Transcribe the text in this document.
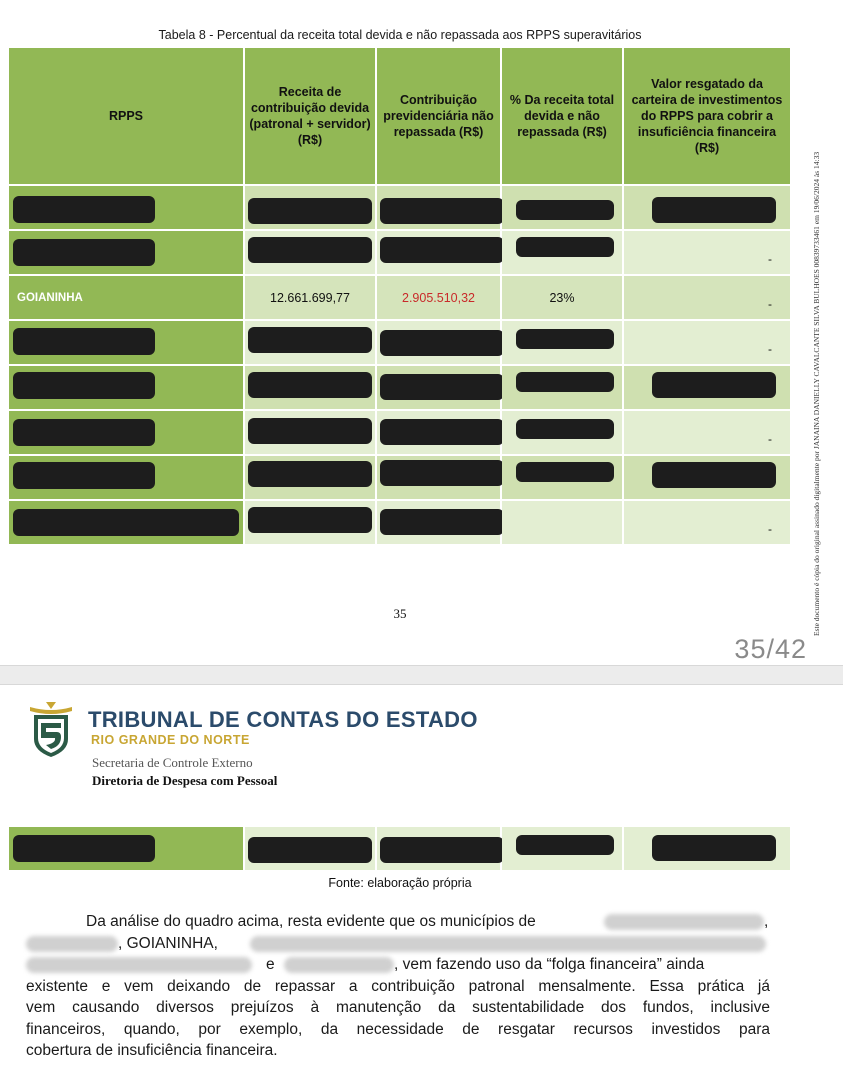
Tabela 8 - Percentual da receita total devida e não repassada aos RPPS superavitários
RPPS	Receita de contribuição devida (patronal + servidor) (R$)	Contribuição previdenciária não repassada (R$)	% Da receita total devida e não repassada (R$)	Valor resgatado da carteira de investimentos do RPPS para cobrir a insuficiência financeira (R$)

				-

GOIANINHA	12.661.699,77	2.905.510,32	23%	-

				-

				-

				-
35
35/42
Este documento é cópia do original assinado digitalmente por JANAINA DANIELLY CAVALCANTE SILVA BULHOES 00839733461 em 19/06/2024 às 14:33
TRIBUNAL DE CONTAS DO ESTADO
RIO GRANDE DO NORTE
Secretaria de Controle Externo
Diretoria de Despesa com Pessoal

Fonte: elaboração própria
Da análise do quadro acima, resta evidente que os municípios de	,
, GOIANINHA,
e	, vem fazendo uso da “folga financeira” ainda
existente e vem deixando de repassar a contribuição patronal mensalmente. Essa prática já
vem causando diversos prejuízos à manutenção da sustentabilidade dos fundos, inclusive
financeiros, quando, por exemplo, da necessidade de resgatar recursos investidos para
cobertura de insuficiência financeira.
